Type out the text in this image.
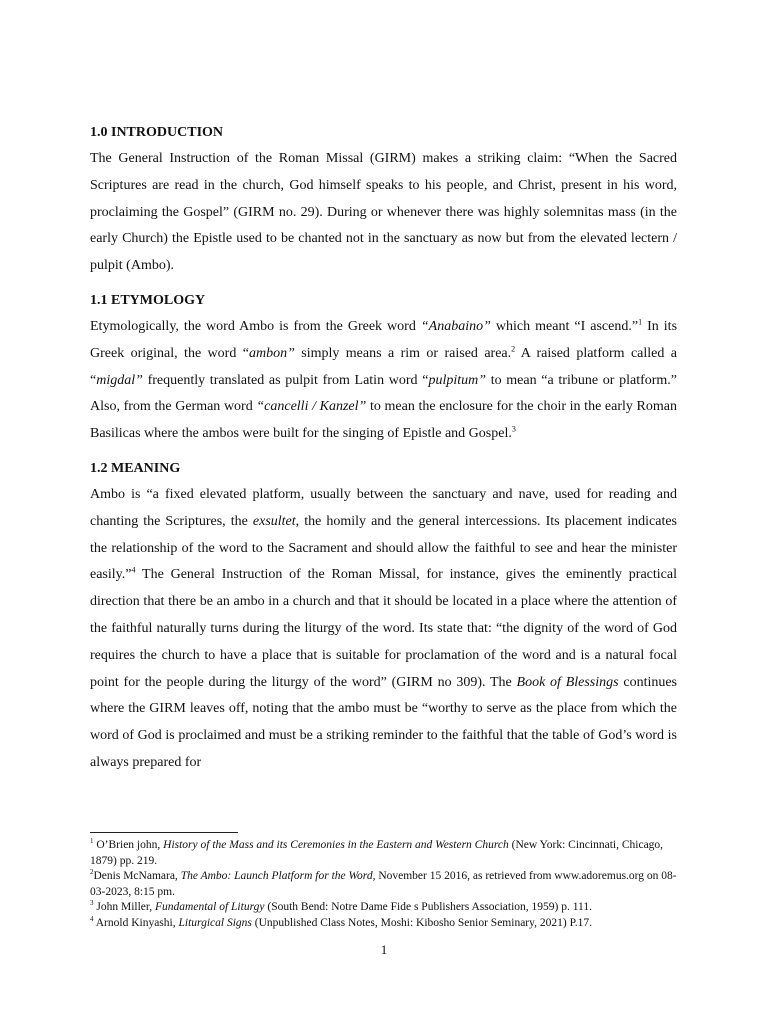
1.0 INTRODUCTION

The General Instruction of the Roman Missal (GIRM) makes a striking claim: “When the Sacred Scriptures are read in the church, God himself speaks to his people, and Christ, present in his word, proclaiming the Gospel” (GIRM no. 29). During or whenever there was highly solemnitas mass (in the early Church) the Epistle used to be chanted not in the sanctuary as now but from the elevated lectern / pulpit (Ambo).

1.1 ETYMOLOGY

Etymologically, the word Ambo is from the Greek word “Anabaino” which meant “I ascend.”$^1$ In its Greek original, the word “ambon” simply means a rim or raised area.$^2$ A raised platform called a “migdal” frequently translated as pulpit from Latin word “pulpitum” to mean “a tribune or platform.” Also, from the German word “cancelli / Kanzel” to mean the enclosure for the choir in the early Roman Basilicas where the ambos were built for the singing of Epistle and Gospel.$^3$

1.2 MEANING

Ambo is “a fixed elevated platform, usually between the sanctuary and nave, used for reading and chanting the Scriptures, the exsultet, the homily and the general intercessions. Its placement indicates the relationship of the word to the Sacrament and should allow the faithful to see and hear the minister easily.”$^4$ The General Instruction of the Roman Missal, for instance, gives the eminently practical direction that there be an ambo in a church and that it should be located in a place where the attention of the faithful naturally turns during the liturgy of the word. Its state that: “the dignity of the word of God requires the church to have a place that is suitable for proclamation of the word and is a natural focal point for the people during the liturgy of the word” (GIRM no 309). The Book of Blessings continues where the GIRM leaves off, noting that the ambo must be “worthy to serve as the place from which the word of God is proclaimed and must be a striking reminder to the faithful that the table of God’s word is always prepared for

$^1$ O’Brien john, History of the Mass and its Ceremonies in the Eastern and Western Church (New York: Cincinnati, Chicago, 1879) pp. 219.

$^2$Denis McNamara, The Ambo: Launch Platform for the Word, November 15 2016, as retrieved from www.adoremus.org on 08-03-2023, 8:15 pm.

$^3$ John Miller, Fundamental of Liturgy (South Bend: Notre Dame Fide s Publishers Association, 1959) p. 111.

$^4$ Arnold Kinyashi, Liturgical Signs (Unpublished Class Notes, Moshi: Kibosho Senior Seminary, 2021) P.17.

1
